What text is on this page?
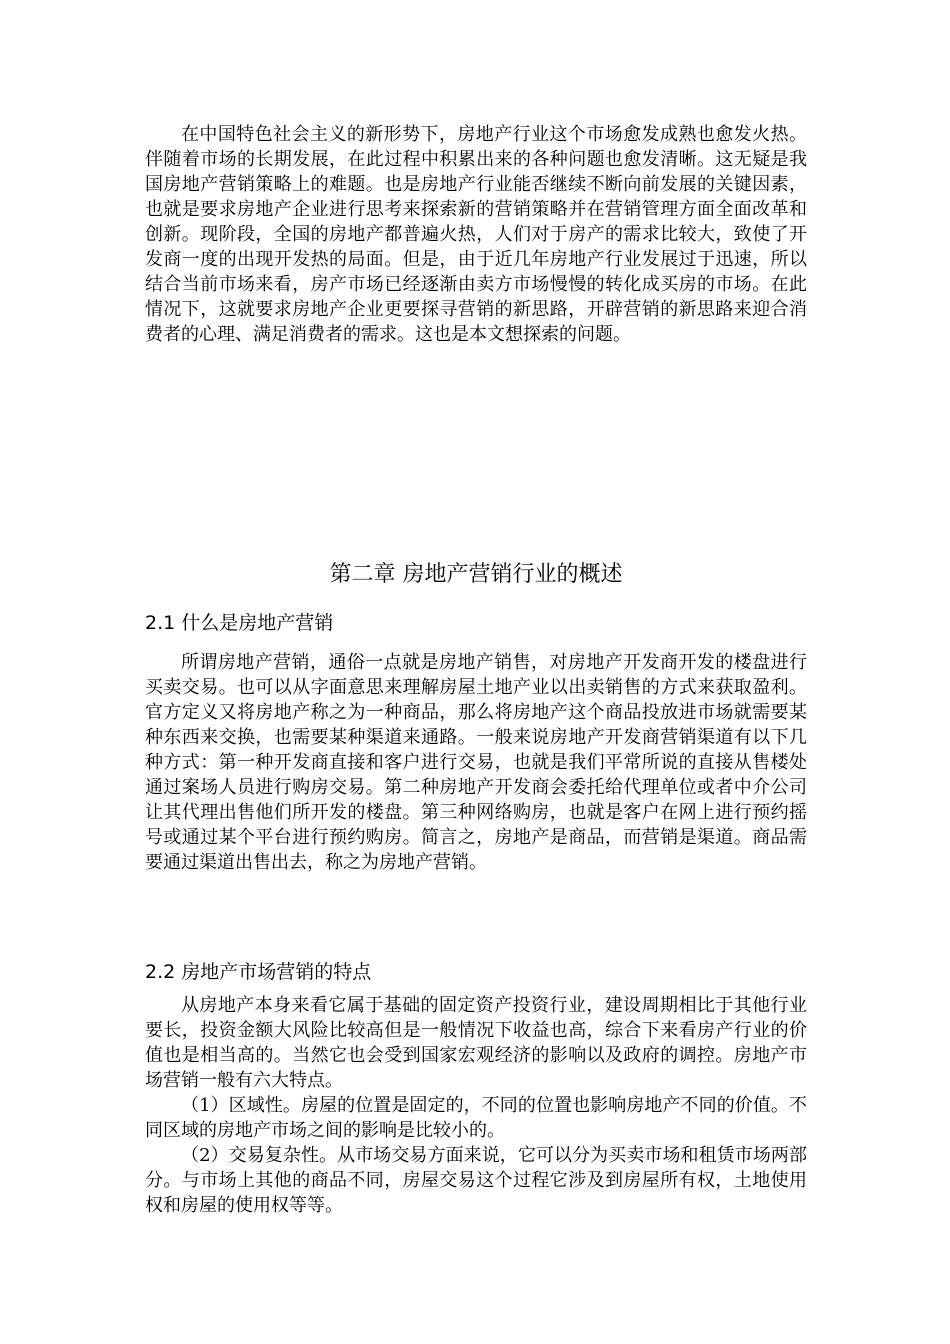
在中国特色社会主义的新形势下，房地产行业这个市场愈发成熟也愈发火热。伴随着市场的长期发展，在此过程中积累出来的各种问题也愈发清晰。这无疑是我国房地产营销策略上的难题。也是房地产行业能否继续不断向前发展的关键因素，也就是要求房地产企业进行思考来探索新的营销策略并在营销管理方面全面改革和创新。现阶段，全国的房地产都普遍火热，人们对于房产的需求比较大，致使了开发商一度的出现开发热的局面。但是，由于近几年房地产行业发展过于迅速，所以结合当前市场来看，房产市场已经逐渐由卖方市场慢慢的转化成买房的市场。在此情况下，这就要求房地产企业更要探寻营销的新思路，开辟营销的新思路来迎合消费者的心理、满足消费者的需求。这也是本文想探索的问题。

第二章 房地产营销行业的概述
2.1 什么是房地产营销

所谓房地产营销，通俗一点就是房地产销售，对房地产开发商开发的楼盘进行买卖交易。也可以从字面意思来理解房屋土地产业以出卖销售的方式来获取盈利。官方定义又将房地产称之为一种商品，那么将房地产这个商品投放进市场就需要某种东西来交换，也需要某种渠道来通路。一般来说房地产开发商营销渠道有以下几种方式：第一种开发商直接和客户进行交易，也就是我们平常所说的直接从售楼处通过案场人员进行购房交易。第二种房地产开发商会委托给代理单位或者中介公司让其代理出售他们所开发的楼盘。第三种网络购房，也就是客户在网上进行预约摇号或通过某个平台进行预约购房。简言之，房地产是商品，而营销是渠道。商品需要通过渠道出售出去，称之为房地产营销。

2.2 房地产市场营销的特点

从房地产本身来看它属于基础的固定资产投资行业，建设周期相比于其他行业要长，投资金额大风险比较高但是一般情况下收益也高，综合下来看房产行业的价值也是相当高的。当然它也会受到国家宏观经济的影响以及政府的调控。房地产市场营销一般有六大特点。

（1）区域性。房屋的位置是固定的，不同的位置也影响房地产不同的价值。不同区域的房地产市场之间的影响是比较小的。

（2）交易复杂性。从市场交易方面来说，它可以分为买卖市场和租赁市场两部分。与市场上其他的商品不同，房屋交易这个过程它涉及到房屋所有权，土地使用权和房屋的使用权等等。
